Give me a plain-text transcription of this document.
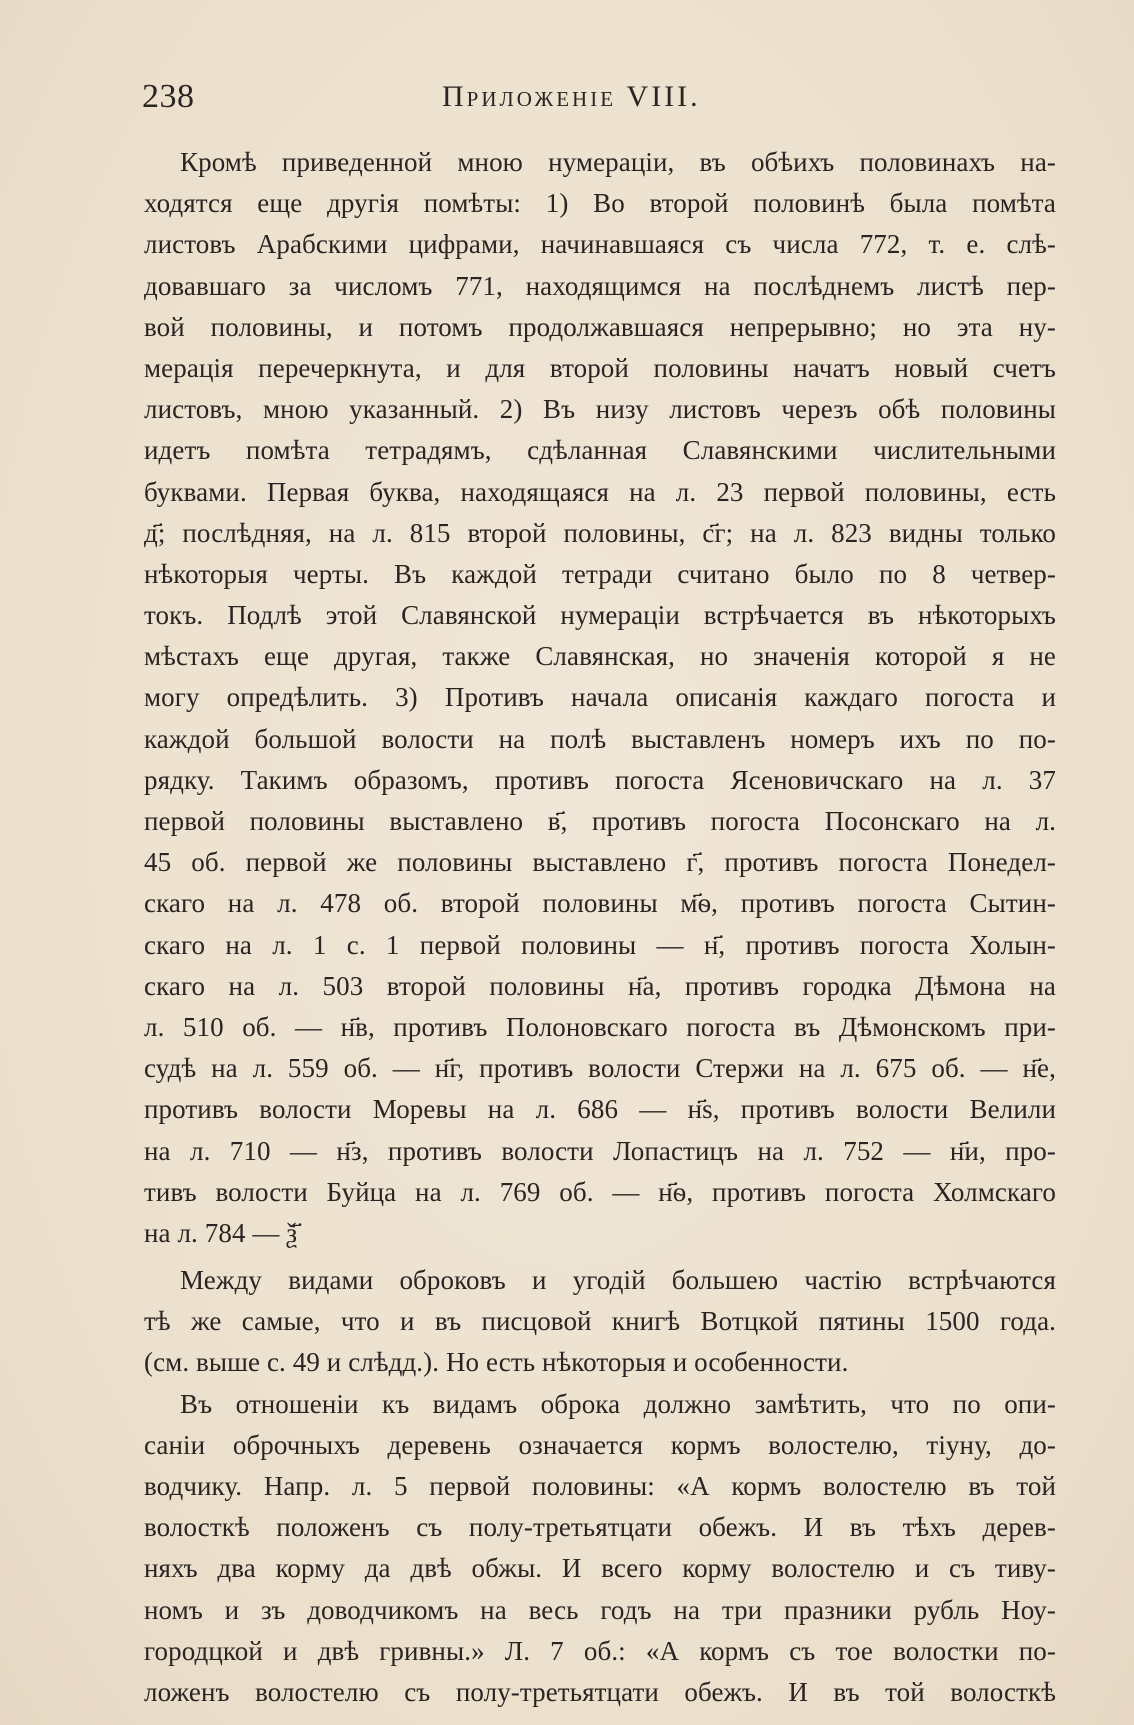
238	Приложеніе VIII.
Кромѣ приведенной мною нумераціи, въ обѣихъ половинахъ на-
ходятся еще другія помѣты: 1) Во второй половинѣ была помѣта
листовъ Арабскими цифрами, начинавшаяся съ числа 772, т. е. слѣ-
довавшаго за числомъ 771, находящимся на послѣднемъ листѣ пер-
вой половины, и потомъ продолжавшаяся непрерывно; но эта ну-
мерація перечеркнута, и для второй половины начатъ новый счетъ
листовъ, мною указанный. 2) Въ низу листовъ черезъ обѣ половины
идетъ помѣта тетрадямъ, сдѣланная Славянскими числительными
буквами. Первая буква, находящаяся на л. 23 первой половины, есть
д҃; послѣдняя, на л. 815 второй половины, с҃г; на л. 823 видны только
нѣкоторыя черты. Въ каждой тетради считано было по 8 четвер-
токъ. Подлѣ этой Славянской нумераціи встрѣчается въ нѣкоторыхъ
мѣстахъ еще другая, также Славянская, но значенія которой я не
могу опредѣлить. 3) Противъ начала описанія каждаго погоста и
каждой большой волости на полѣ выставленъ номеръ ихъ по по-
рядку. Такимъ образомъ, противъ погоста Ясеновичскаго на л. 37
первой половины выставлено в҃, противъ погоста Посонскаго на л.
45 об. первой же половины выставлено г҃, противъ погоста Понедел-
скаго на л. 478 об. второй половины м҃ѳ, противъ погоста Сытин-
скаго на л. 1 с. 1 первой половины — н҃, противъ погоста Холын-
скаго на л. 503 второй половины н҃а, противъ городка Дѣмона на
л. 510 об. — н҃в, противъ Полоновскаго погоста въ Дѣмонскомъ при-
судѣ на л. 559 об. — н҃г, противъ волости Стержи на л. 675 об. — н҃е,
противъ волости Моревы на л. 686 — н҃ѕ, противъ волости Велили
на л. 710 — н҃з, противъ волости Лопастицъ на л. 752 — н҃и, про-
тивъ волости Буйца на л. 769 об. — н҃ѳ, противъ погоста Холмскаго
на л. 784 — ѯ҃
Между видами оброковъ и угодій большею частію встрѣчаются
тѣ же самые, что и въ писцовой книгѣ Вотцкой пятины 1500 года.
(см. выше с. 49 и слѣдд.). Но есть нѣкоторыя и особенности.
Въ отношеніи къ видамъ оброка должно замѣтить, что по опи-
саніи оброчныхъ деревень означается кормъ волостелю, тіуну, до-
водчику. Напр. л. 5 первой половины: «А кормъ волостелю въ той
волосткѣ положенъ съ полу-третьятцати обежъ. И въ тѣхъ дерев-
няхъ два корму да двѣ обжы. И всего корму волостелю и съ тиву-
номъ и зъ доводчикомъ на весь годъ на три празники рубль Ноу-
городцкой и двѣ гривны.» Л. 7 об.: «А кормъ съ тое волостки по-
ложенъ волостелю съ полу-третьятцати обежъ. И въ той волосткѣ
